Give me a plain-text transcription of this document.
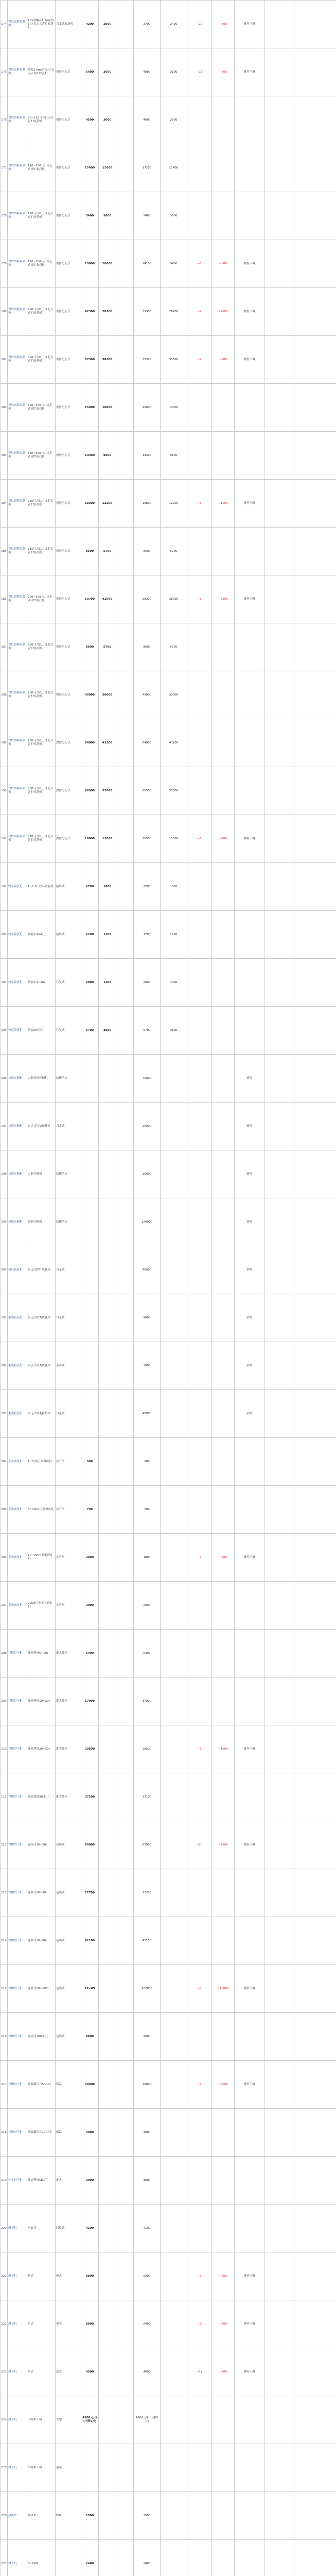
174	青贮饲料收获机	10≤割幅<1.5m(含)以上自走式青贮收获机	自走式收割机	4200	2800		3700	2400	−22	−500	跳档下调		
175	青贮饲料收获机	割幅1.5m(含)以上自走式青贮收获机	叠挂甩刀式	5400	3600		4800	3100	−11	−500	跳档下调		
176	青贮饲料收获机	90~110马力自走式青贮收获机	叠挂甩刀式	4500	3000		4000	2600					
177	青贮饲料收获机	110~150马力自走式青贮收获机	叠挂甩刀式	17400	11600		17200	11400					
178	青贮饲料收获机	150马力以上自走式青贮收获机	叠挂甩刀式	5400	3600		5400	3600					
179	青贮饲料收获机	150~200马力自走式青贮收获机	叠挂甩刀式	15000	10000		14100	9400	−6	−600	跳档下调		
180	青贮饲料收获机	200马力以上自走式青贮收获机	叠挂甩刀式	42300	28200		39300	26200	−7	−2000	跳档下调		
181	青贮饲料收获机	300马力以上自走式青贮收获机	叠挂甩刀式	57300	38200		53300	35500	−7	−500	跳档下调		
182	青贮饲料收获机	100~150马力自走式青贮收获机	叠挂甩刀式	15000	10000		15000	10000					
183	青贮饲料收获机	150~250马力自走式青贮收获机	叠挂甩刀式	14400	9600		14400	9600					
184	青贮饲料收获机	250马力以上自走式青贮收获机	叠挂甩刀式	18300	12200		16800	11200	−8	−1000	跳档下调		
185	青贮饲料收获机	110马力以上自走式青贮收获机	叠挂甩刀式	8500	5700		8500	5700					
186	青贮饲料收获机	200~300马力自走式青贮收获机	叠挂甩刀式	63700	42500		58300	38900	−8	−3600	跳档下调		
187	青贮饲料收获机	300马力以上自走式青贮收获机	叠挂甩刀式	8600	5700		8600	5700					
188	青贮饲料收获机	200马力以上自走式青贮收获机	叠挂甩刀式	45000	30000		45000	30000					
189	青贮饲料收获机	250马力以上自走式青贮收获机	叠挂甩刀式	64800	43200		64800	43200					
190	青贮饲料收获机	300马力以上自走式青贮收获机	叠挂甩刀式	86500	57600		86500	57600					
191	青贮饲料收获机	350马力以上自走式青贮收获机	叠挂甩刀式	18000	12000		16900	11300	−6	−700	跳档下调		
192	牧草收获机	1~1.5m牧草收获机	旋转式	2700	1800		2700	1800					
193	牧草收获机	割幅1.5m以上	旋转式	1700	1100		1700	1100					
194	牧草收获机	割幅1.5~2m	往复式	2000	1300		2000	1300					
195	牧草收获机	割幅2m以上	往复式	5700	3800		5700	3800					
196	捡拾压捆机	方捆捡拾压捆机	结构型式				45000				新增		
197	捡拾压捆机	自走式捡拾压捆机	自走式				20000				新增		
198	捡拾压捆机	方捆打捆机	结构型式				30000				新增		
199	捡拾压捆机	圆捆打捆机	结构型式				120000				新增		
200	秸秆收获机	自走式秸秆收获机	自走式				40000				新增		
201	果类收获机	自走式果类收获机	自走式				9000				新增		
202	果类收获机	牵引式果类收获机	牵引式				3600				新增		
203	果类收获机	自走式果类捡拾机	自走式				40000				新增		
204	玉米剥皮机	1~5t/h玉米剥皮机	生产率	500			500						
205	玉米剥皮机	5~10t/h玉米剥皮机	生产率	700			700						
206	玉米剥皮机	10~20t/h玉米剥皮机	生产率	2000			1800		−7	−200	跳档下调		
207	玉米剥皮机	20t/h以上玉米剥皮机	生产率	2000			2000						
208	谷物烘干机	批处理量5~10t	批式循环	5400			5400						
209	谷物烘干机	批处理量10~20t	批式循环	17900			17900						
210	谷物烘干机	批处理量20~30t	批式循环	29500			28500		−3	−1000	跳档下调		
211	谷物烘干机	批处理量30t以上	批式循环	37100			37100						
212	谷物烘干机	连续式10~20t	连续式	69900			62900		−10	−7000	跳档下调		
213	谷物烘干机	连续式20~30t	连续式	22700			22700						
214	谷物烘干机	连续式30~50t	连续式	42100			42100						
215	谷物烘干机	连续式50~100t	连续式	1E+05			102800		−8	−10000	跳档下调		
216	谷物烘干机	连续式100t以上	连续式	9900			9900						
217	谷物烘干机	低温循环式5~10t	低温	30000			28000		−6	−2000	跳档下调		
218	谷物烘干机	低温循环式10t以上	低温	3000			3000						
219	种子烘干机	批处理量5t以下	批式	3000			3000						
220	烘干机	回旋式	回旋式	4100			4100						
221	烘干机	箱式	箱式	8800			8300		−6	−500	跳档下调		
222	烘干机	带式	带式	8900			8400		−6	−500	跳档下调		
223	烘干机	塔式	塔式	4500			4000		−11	−500	跳档下调		
224	烘干机	大型烘干机	大型	4500元/台(上限5万)			4000元/台(上限5万)						
225	烘干机	果蔬烘干机	果蔬										
226	热风炉	热风炉	燃煤	1500			1500						
227	烘干机	6~8kW		2400			2400						
